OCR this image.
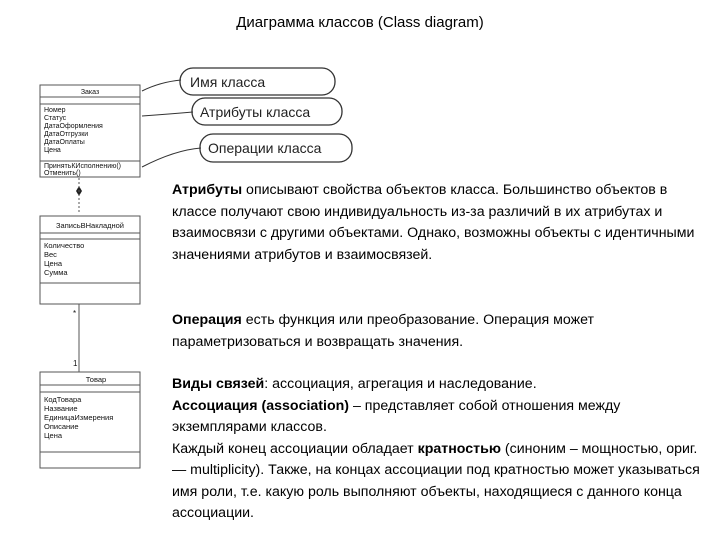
Диаграмма классов (Class diagram)
Заказ
Номер
Статус
ДатаОформления
ДатаОтгрузки
ДатаОплаты
Цена
ПринятьКИсполнению()
Отменить()
ЗаписьВНакладной
Количество
Вес
Цена
Сумма
*
1
Товар
КодТовара
Название
ЕдиницаИзмерения
Описание
Цена
Имя класса
Атрибуты класса
Операции класса

Атрибуты описывают свойства объектов класса. Большинство объектов в классе получают свою индивидуальность из-за различий в их атрибутах и взаимосвязи с другими объектами. Однако, возможны объекты с идентичными значениями атрибутов и взаимосвязей.

Операция есть функция или преобразование. Операция может параметризоваться и возвращать значения.

Виды связей: ассоциация, агрегация и наследование.

Ассоциация (association) – представляет собой отношения между экземплярами классов.

Каждый конец ассоциации обладает кратностью (синоним – мощностью, ориг. — multiplicity). Также, на концах ассоциации под кратностью может указываться имя роли, т.е. какую роль выполняют объекты, находящиеся с данного конца ассоциации.
